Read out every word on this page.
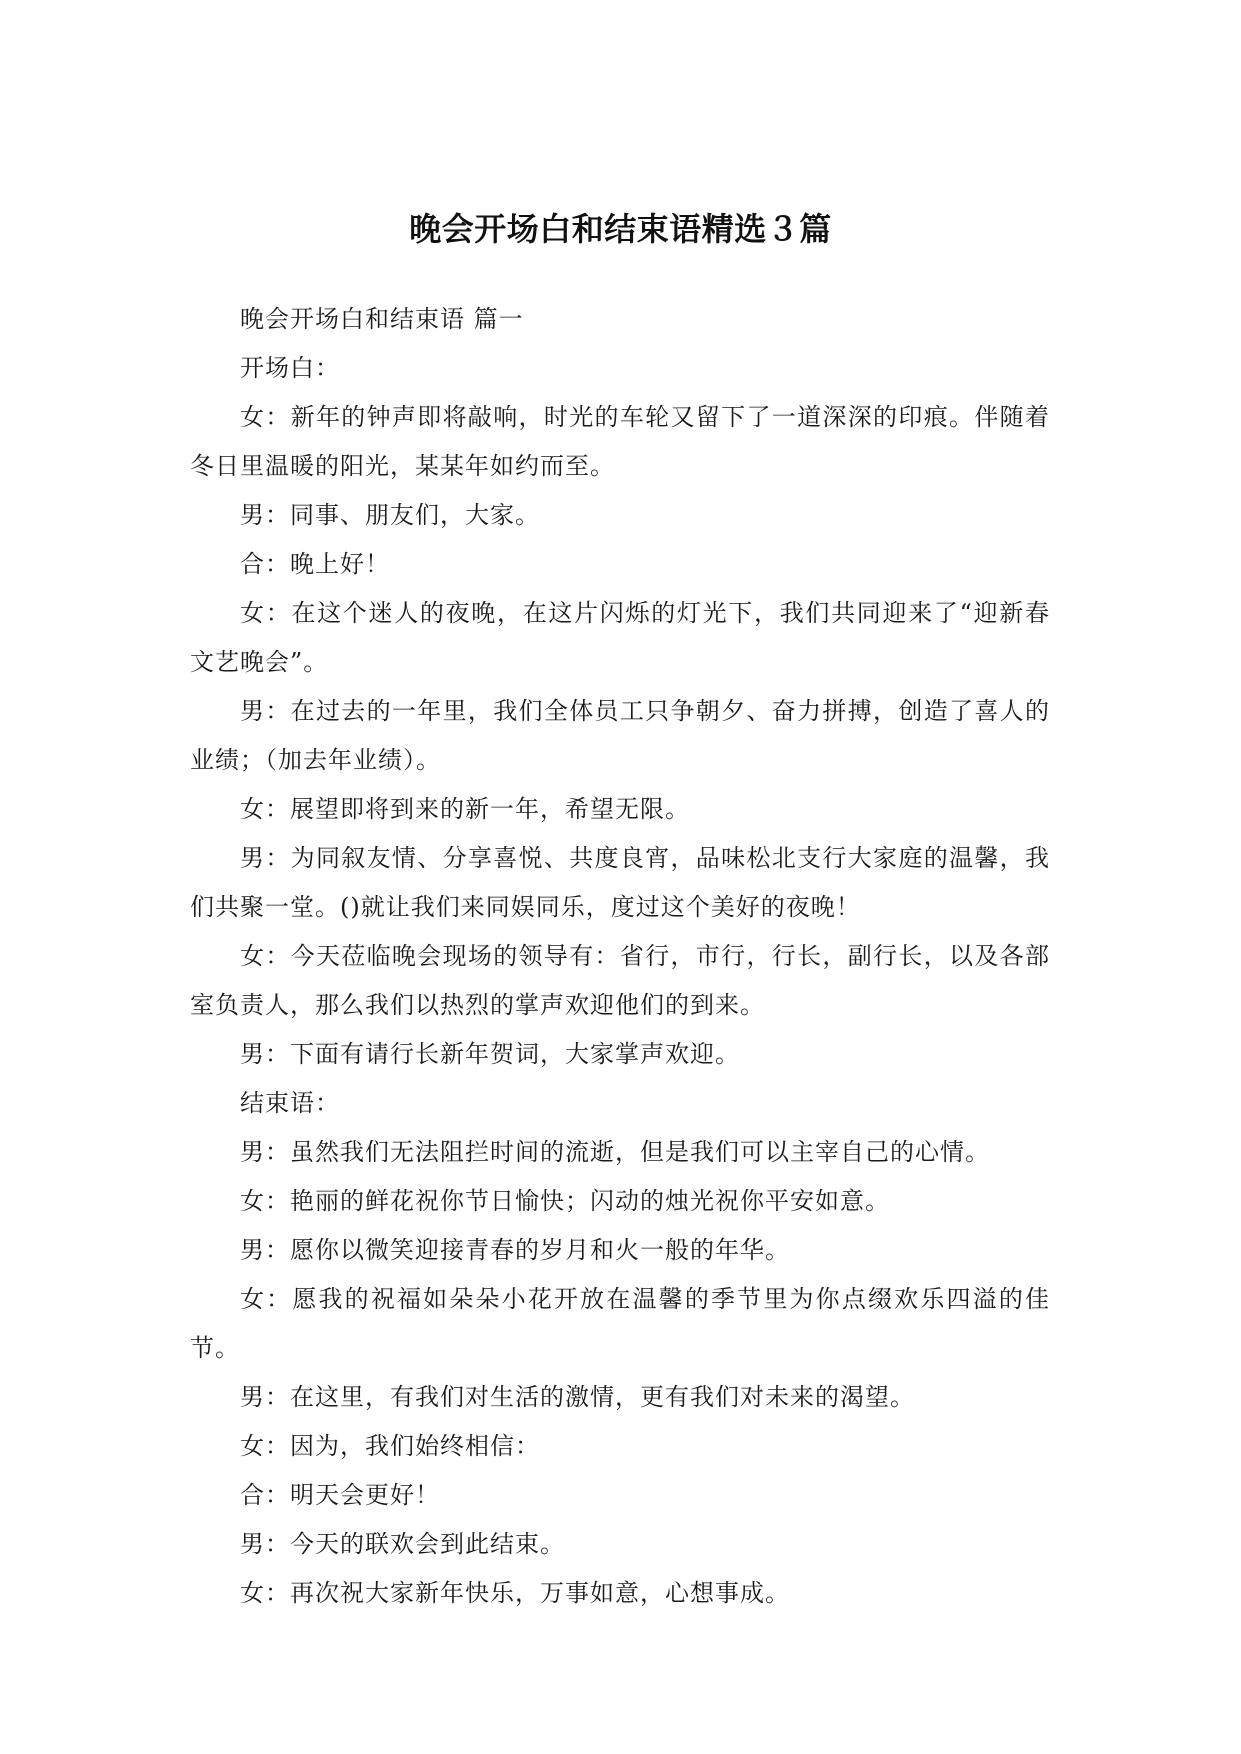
晚会开场白和结束语精选３篇

晚会开场白和结束语 篇一

开场白：

女：新年的钟声即将敲响，时光的车轮又留下了一道深深的印痕。伴随着冬日里温暖的阳光，某某年如约而至。

男：同事、朋友们，大家。

合：晚上好！

女：在这个迷人的夜晚，在这片闪烁的灯光下，我们共同迎来了“迎新春文艺晚会”。

男：在过去的一年里，我们全体员工只争朝夕、奋力拼搏，创造了喜人的业绩；（加去年业绩）。

女：展望即将到来的新一年，希望无限。

男：为同叙友情、分享喜悦、共度良宵，品味松北支行大家庭的温馨，我们共聚一堂。()就让我们来同娱同乐，度过这个美好的夜晚！

女：今天莅临晚会现场的领导有：省行，市行，行长，副行长，以及各部室负责人，那么我们以热烈的掌声欢迎他们的到来。

男：下面有请行长新年贺词，大家掌声欢迎。

结束语：

男：虽然我们无法阻拦时间的流逝，但是我们可以主宰自己的心情。

女：艳丽的鲜花祝你节日愉快；闪动的烛光祝你平安如意。

男：愿你以微笑迎接青春的岁月和火一般的年华。

女：愿我的祝福如朵朵小花开放在温馨的季节里为你点缀欢乐四溢的佳节。

男：在这里，有我们对生活的激情，更有我们对未来的渴望。

女：因为，我们始终相信：

合：明天会更好！

男：今天的联欢会到此结束。

女：再次祝大家新年快乐，万事如意，心想事成。
